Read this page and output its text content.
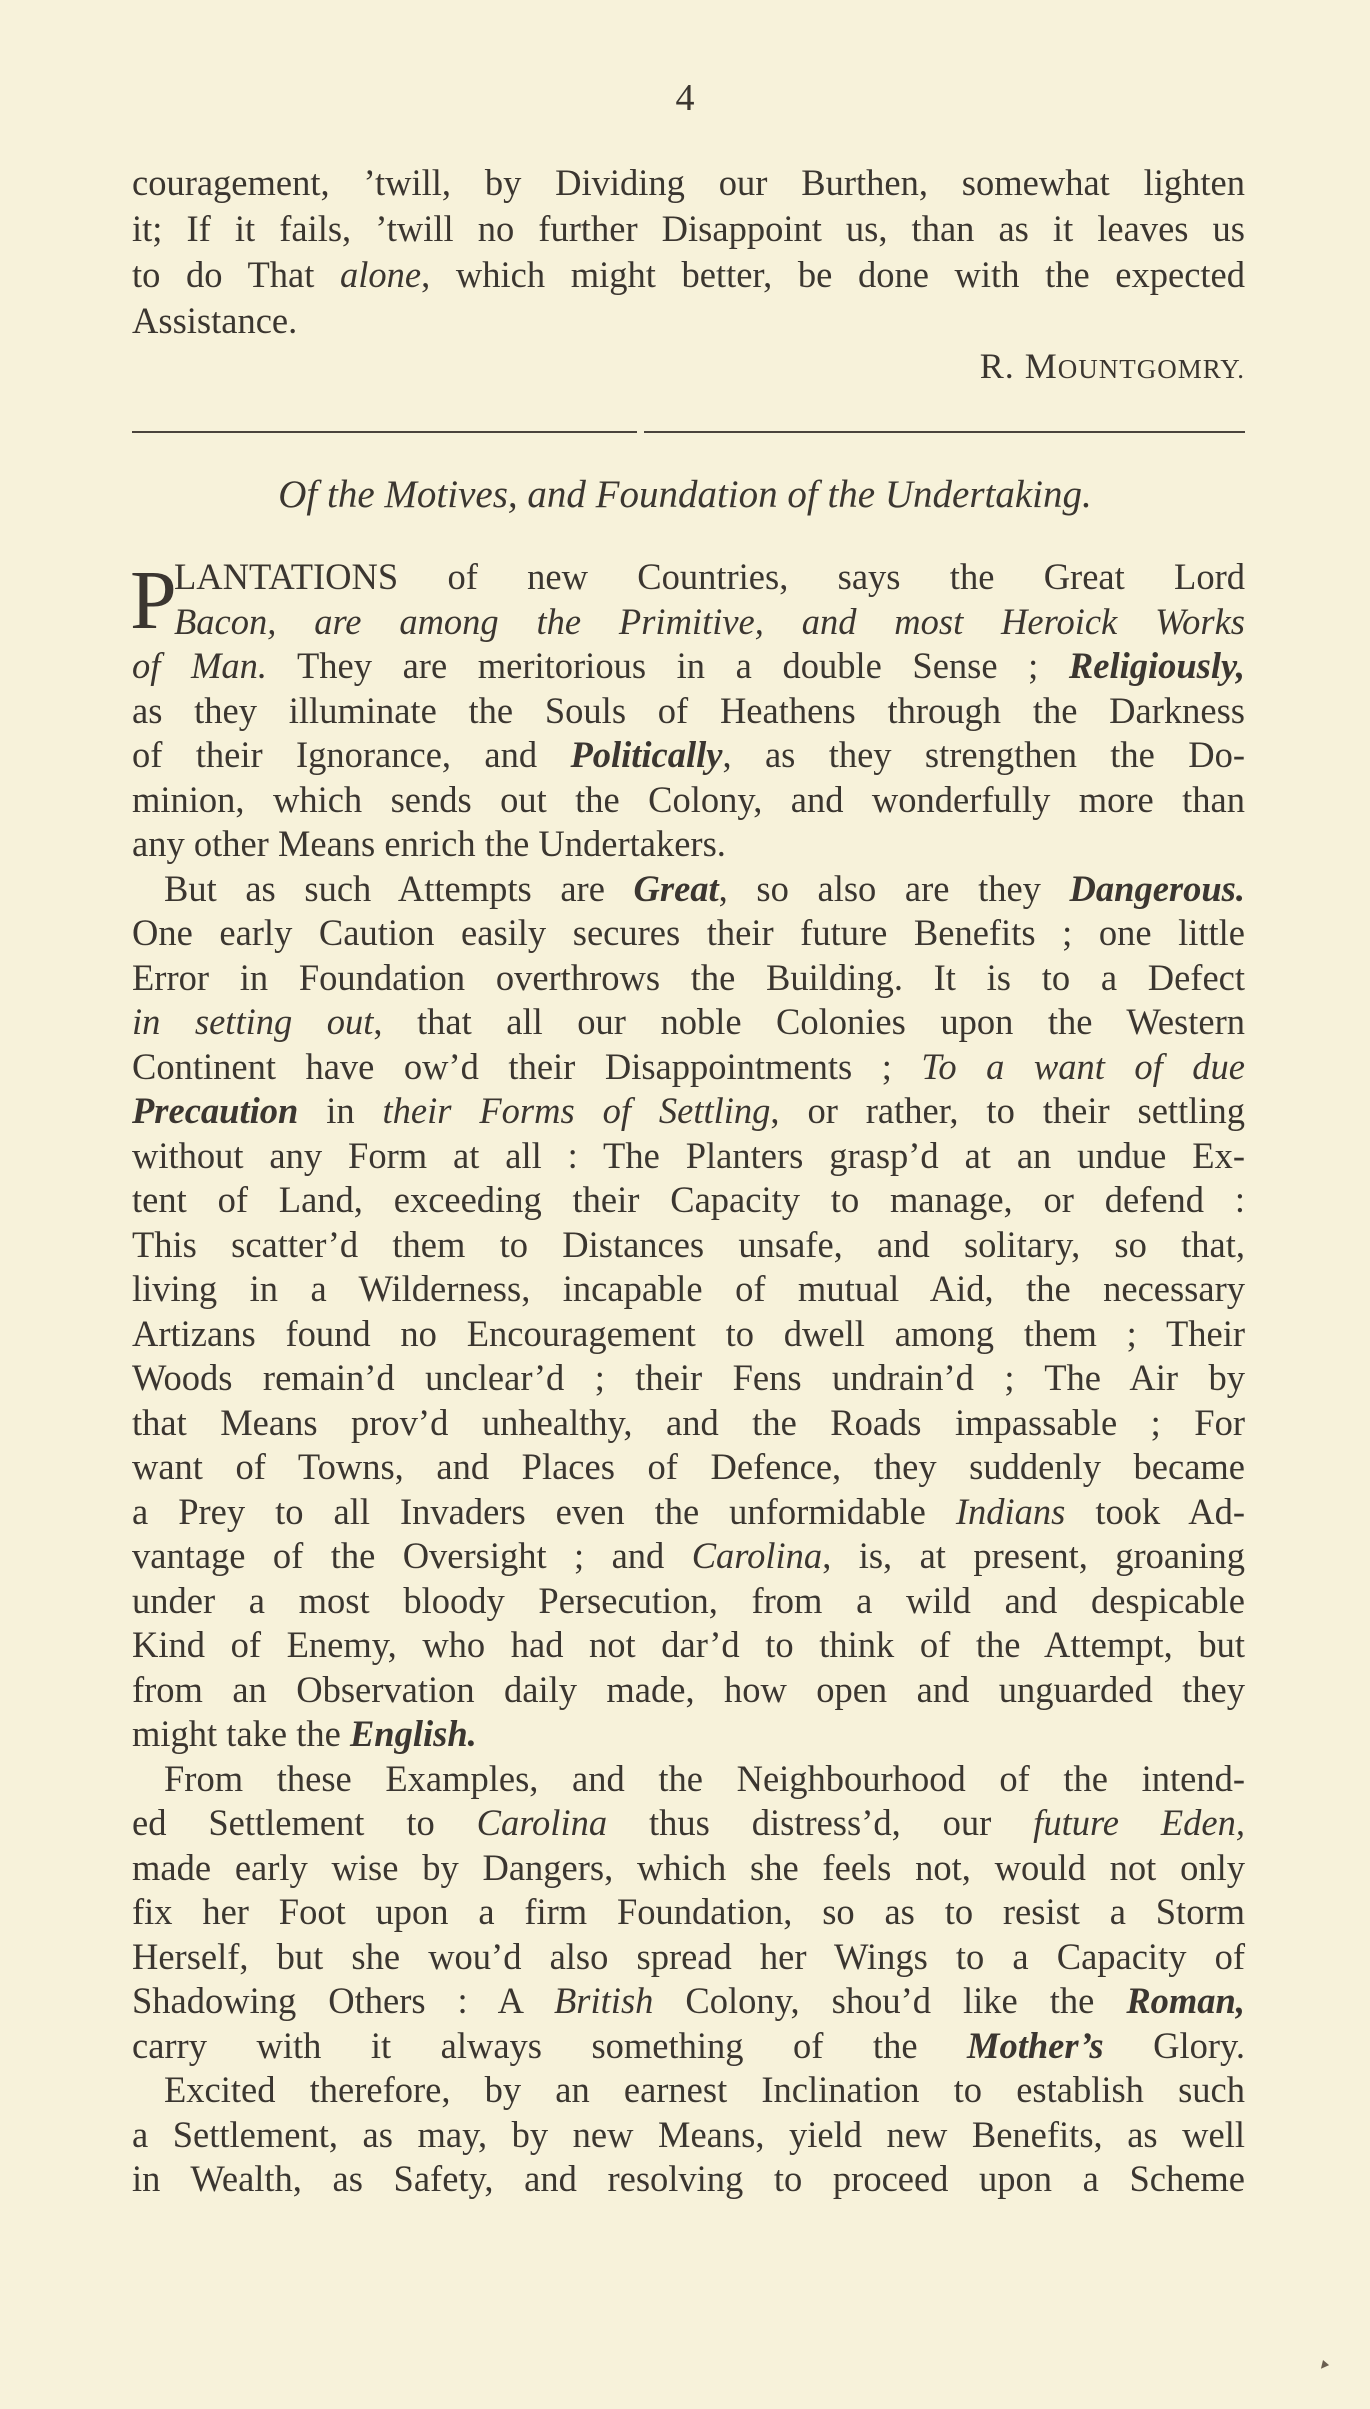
4
couragement, ’twill, by Dividing our Burthen, somewhat lighten
it; If it fails, ’twill no further Disappoint us, than as it leaves us
to do That alone, which might better, be done with the expected
Assistance.
R. MOUNTGOMRY.
Of the Motives, and Foundation of the Undertaking.
P
LANTATIONS of new Countries, says the Great Lord
Bacon, are among the Primitive, and most Heroick Works
of Man. They are meritorious in a double Sense ; Religiously,
as they illuminate the Souls of Heathens through the Darkness
of their Ignorance, and Politically, as they strengthen the Do-
minion, which sends out the Colony, and wonderfully more than
any other Means enrich the Undertakers.
But as such Attempts are Great, so also are they Dangerous.
One early Caution easily secures their future Benefits ; one little
Error in Foundation overthrows the Building. It is to a Defect
in setting out, that all our noble Colonies upon the Western
Continent have ow’d their Disappointments ; To a want of due
Precaution in their Forms of Settling, or rather, to their settling
without any Form at all : The Planters grasp’d at an undue Ex-
tent of Land, exceeding their Capacity to manage, or defend :
This scatter’d them to Distances unsafe, and solitary, so that,
living in a Wilderness, incapable of mutual Aid, the necessary
Artizans found no Encouragement to dwell among them ; Their
Woods remain’d unclear’d ; their Fens undrain’d ; The Air by
that Means prov’d unhealthy, and the Roads impassable ; For
want of Towns, and Places of Defence, they suddenly became
a Prey to all Invaders even the unformidable Indians took Ad-
vantage of the Oversight ; and Carolina, is, at present, groaning
under a most bloody Persecution, from a wild and despicable
Kind of Enemy, who had not dar’d to think of the Attempt, but
from an Observation daily made, how open and unguarded they
might take the English.
From these Examples, and the Neighbourhood of the intend-
ed Settlement to Carolina thus distress’d, our future Eden,
made early wise by Dangers, which she feels not, would not only
fix her Foot upon a firm Foundation, so as to resist a Storm
Herself, but she wou’d also spread her Wings to a Capacity of
Shadowing Others : A British Colony, shou’d like the Roman,
carry with it always something of the Mother’s Glory.
Excited therefore, by an earnest Inclination to establish such
a Settlement, as may, by new Means, yield new Benefits, as well
in Wealth, as Safety, and resolving to proceed upon a Scheme
▾
